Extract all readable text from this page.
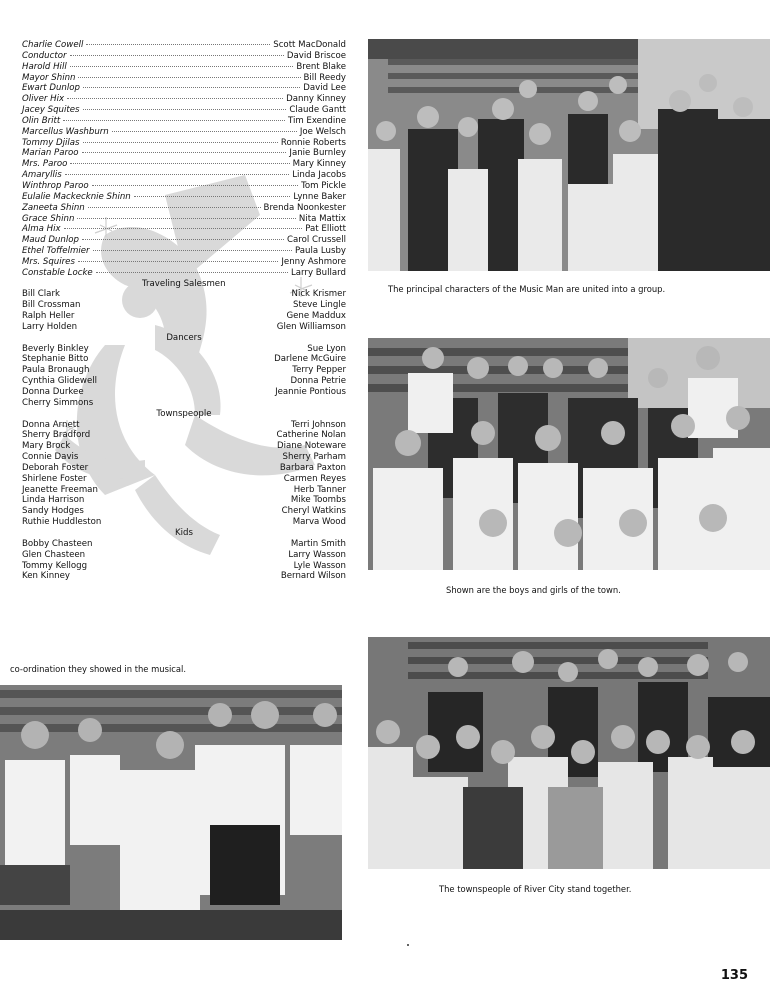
Charlie Cowell	Scott MacDonald
Conductor	David Briscoe
Harold Hill	Brent Blake
Mayor Shinn	Bill Reedy
Ewart Dunlop	David Lee
Oliver Hix	Danny Kinney
Jacey Squites	Claude Gantt
Olin Britt	Tim Exendine
Marcellus Washburn	Joe Welsch
Tommy Djilas	Ronnie Roberts
Marian Paroo	Janie Burnley
Mrs. Paroo	Mary Kinney
Amaryllis	Linda Jacobs
Winthrop Paroo	Tom Pickle
Eulalie Mackecknie Shinn	Lynne Baker
Zaneeta Shinn	Brenda Noonkester
Grace Shinn	Nita Mattix
Alma Hix	Pat Elliott
Maud Dunlop	Carol Crussell
Ethel Toffelmier	Paula Lusby
Mrs. Squires	Jenny Ashmore
Constable Locke	Larry Bullard
Traveling Salesmen
Bill Clark	Nick Krismer
Bill Crossman	Steve Lingle
Ralph Heller	Gene Maddux
Larry Holden	Glen Williamson
Dancers
Beverly Binkley	Sue Lyon
Stephanie Bitto	Darlene McGuire
Paula Bronaugh	Terry Pepper
Cynthia Glidewell	Donna Petrie
Donna Durkee	Jeannie Pontious
Cherry Simmons
Townspeople
Donna Arnett	Terri Johnson
Sherry Bradford	Catherine Nolan
Mary Brock	Diane Noteware
Connie Davis	Sherry Parham
Deborah Foster	Barbara Paxton
Shirlene Foster	Carmen Reyes
Jeanette Freeman	Herb Tanner
Linda Harrison	Mike Toombs
Sandy Hodges	Cheryl Watkins
Ruthie Huddleston	Marva Wood
Kids
Bobby Chasteen	Martin Smith
Glen Chasteen	Larry Wasson
Tommy Kellogg	Lyle Wasson
Ken Kinney	Bernard Wilson
The principal characters of the Music Man are united into a group.
Shown are the boys and girls of the town.
co-ordination they showed in the musical.
The townspeople of River City stand together.
135
